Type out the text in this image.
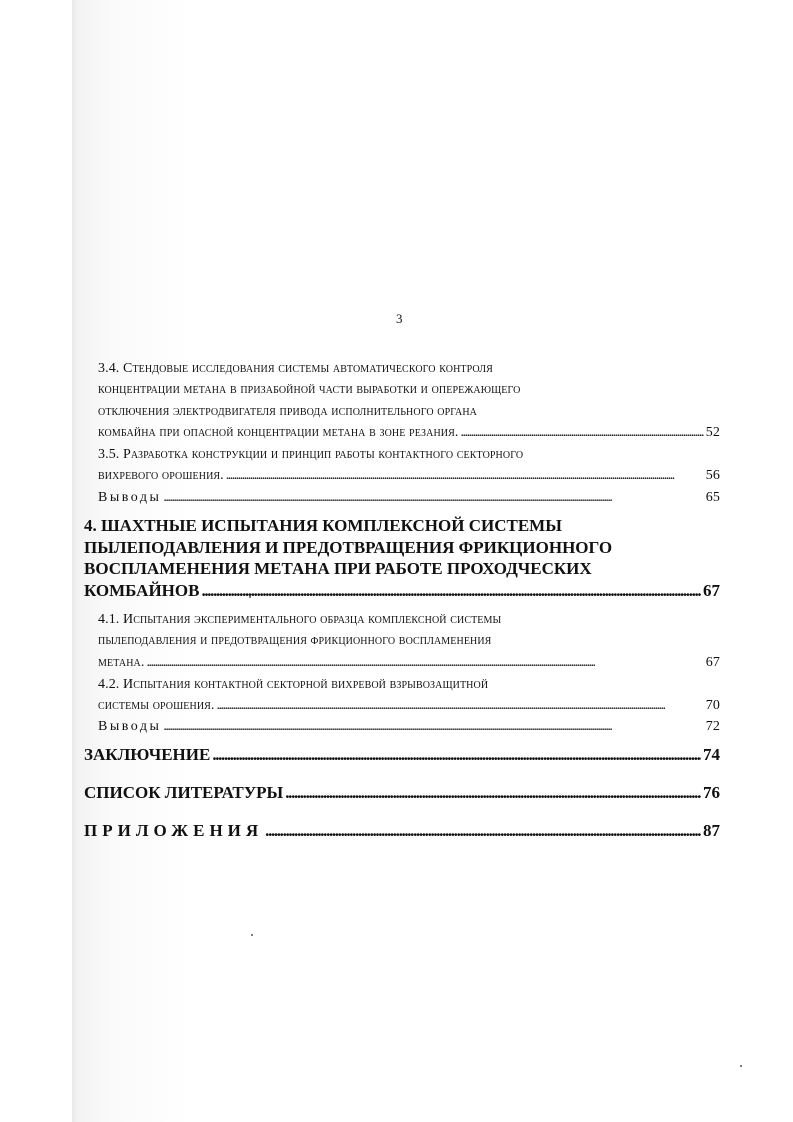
3
3.4. Стендовые исследования системы автоматического контроля
концентрации метана в призабойной части выработки и опережающего
отключения электродвигателя привода исполнительного органа
комбайна при опасной концентрации метана в зоне резания. . . .	52
3.5. Разработка конструкции и принцип работы контактного секторного
вихревого орошения. . . .	56
Выводы . . .	65
4. ШАХТНЫЕ ИСПЫТАНИЯ КОМПЛЕКСНОЙ СИСТЕМЫ
ПЫЛЕПОДАВЛЕНИЯ И ПРЕДОТВРАЩЕНИЯ ФРИКЦИОННОГО
ВОСПЛАМЕНЕНИЯ МЕТАНА ПРИ РАБОТЕ ПРОХОДЧЕСКИХ
КОМБАЙНОВ . . .	67
4.1. Испытания экспериментального образца комплексной системы
пылеподавления и предотвращения фрикционного воспламенения
метана. . . .	67
4.2. Испытания контактной секторной вихревой взрывозащитной
системы орошения. . . .	70
Выводы . . .	72
ЗАКЛЮЧЕНИЕ . . .	74
СПИСОК ЛИТЕРАТУРЫ . . .	76
ПРИЛОЖЕНИЯ . . .	87
